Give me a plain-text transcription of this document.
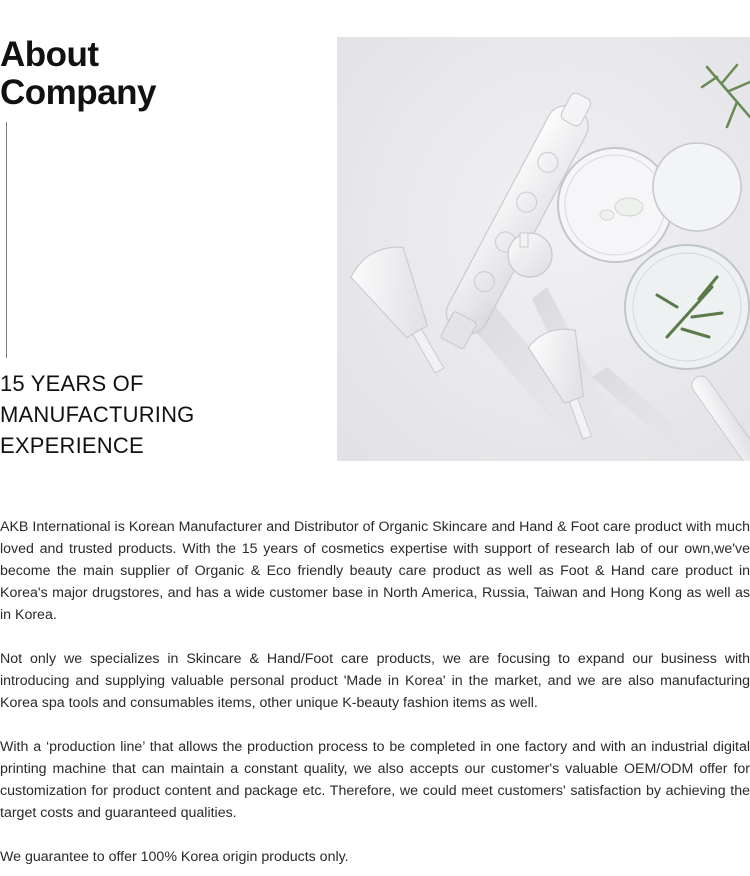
About
Company
15 YEARS OF
MANUFACTURING
EXPERIENCE

AKB International is Korean Manufacturer and Distributor of Organic Skincare and Hand & Foot care product with much loved and trusted products. With the 15 years of cosmetics expertise with support of research lab of our own,we've become the main supplier of Organic & Eco friendly beauty care product as well as Foot & Hand care product in Korea's major drugstores, and has a wide customer base in North America, Russia, Taiwan and Hong Kong as well as in Korea.

Not only we specializes in Skincare & Hand/Foot care products, we are focusing to expand our business with introducing and supplying valuable personal product 'Made in Korea' in the market, and we are also manufacturing Korea spa tools and consumables items, other unique K-beauty fashion items as well.

With a ‘production line’ that allows the production process to be completed in one factory and with an industrial digital printing machine that can maintain a constant quality, we also accepts our customer's valuable OEM/ODM offer for customization for product content and package etc. Therefore, we could meet customers' satisfaction by achieving the target costs and guaranteed qualities.

We guarantee to offer 100% Korea origin products only.
